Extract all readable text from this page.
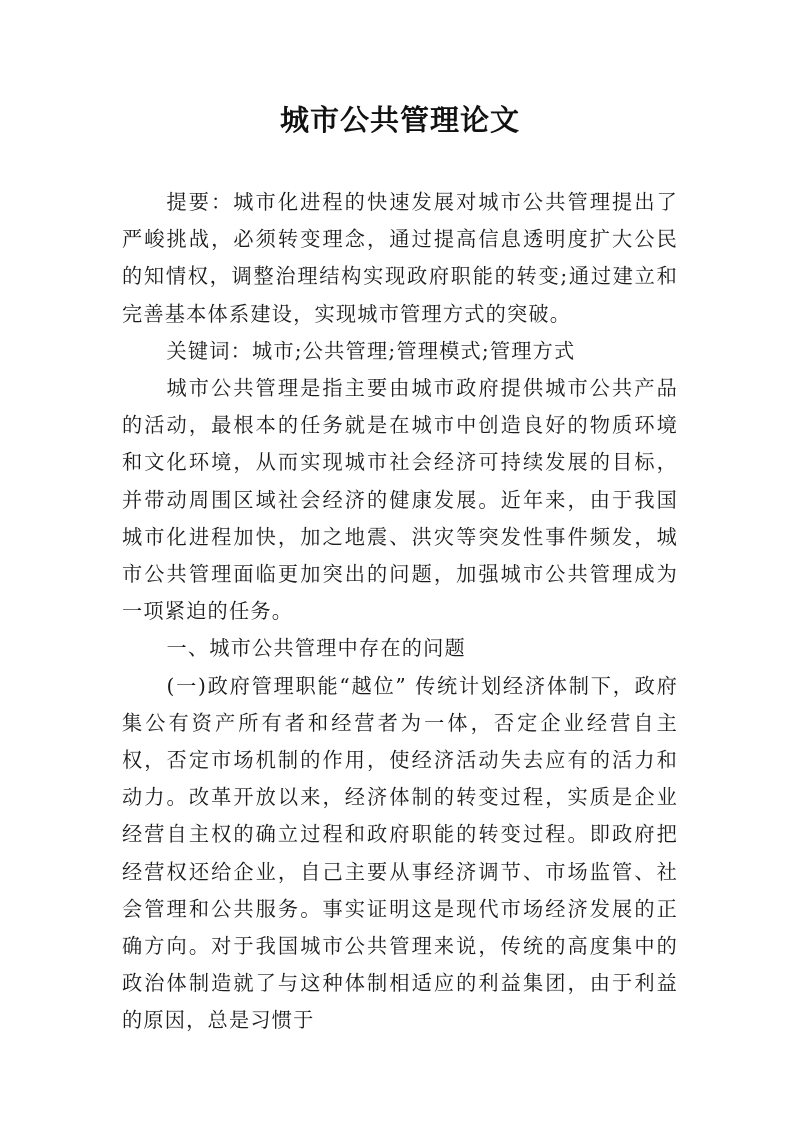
城市公共管理论文

提要：城市化进程的快速发展对城市公共管理提出了严峻挑战，必须转变理念，通过提高信息透明度扩大公民的知情权，调整治理结构实现政府职能的转变;通过建立和完善基本体系建设，实现城市管理方式的突破。

关键词：城市;公共管理;管理模式;管理方式

城市公共管理是指主要由城市政府提供城市公共产品的活动，最根本的任务就是在城市中创造良好的物质环境和文化环境，从而实现城市社会经济可持续发展的目标，并带动周围区域社会经济的健康发展。近年来，由于我国城市化进程加快，加之地震、洪灾等突发性事件频发，城市公共管理面临更加突出的问题，加强城市公共管理成为一项紧迫的任务。

一、城市公共管理中存在的问题

(一)政府管理职能“越位” 传统计划经济体制下，政府集公有资产所有者和经营者为一体，否定企业经营自主权，否定市场机制的作用，使经济活动失去应有的活力和动力。改革开放以来，经济体制的转变过程，实质是企业经营自主权的确立过程和政府职能的转变过程。即政府把经营权还给企业，自己主要从事经济调节、市场监管、社会管理和公共服务。事实证明这是现代市场经济发展的正确方向。对于我国城市公共管理来说，传统的高度集中的政治体制造就了与这种体制相适应的利益集团，由于利益的原因，总是习惯于
